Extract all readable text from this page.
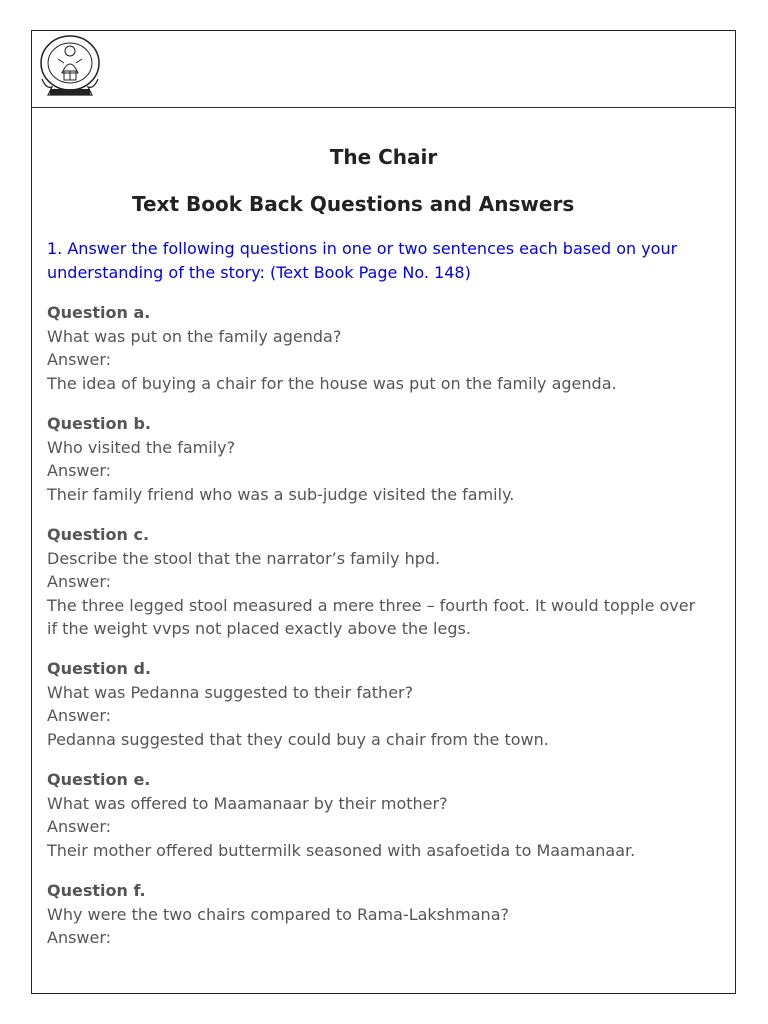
The Chair
Text Book Back Questions and Answers
1. Answer the following questions in one or two sentences each based on your understanding of the story: (Text Book Page No. 148)
Question a.
What was put on the family agenda?
Answer:
The idea of buying a chair for the house was put on the family agenda.
Question b.
Who visited the family?
Answer:
Their family friend who was a sub-judge visited the family.
Question c.
Describe the stool that the narrator’s family hpd.
Answer:
The three legged stool measured a mere three – fourth foot. It would topple over
if the weight vvps not placed exactly above the legs.
Question d.
What was Pedanna suggested to their father?
Answer:
Pedanna suggested that they could buy a chair from the town.
Question e.
What was offered to Maamanaar by their mother?
Answer:
Their mother offered buttermilk seasoned with asafoetida to Maamanaar.
Question f.
Why were the two chairs compared to Rama-Lakshmana?
Answer:
